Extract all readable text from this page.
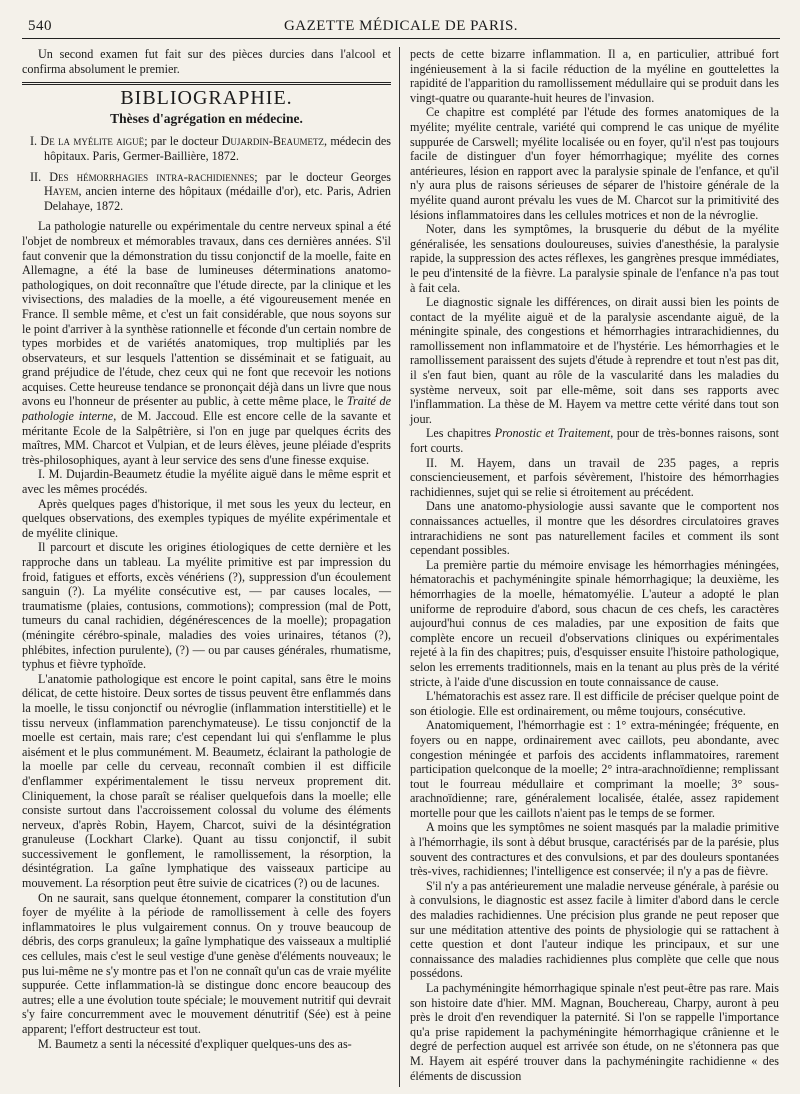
540	GAZETTE MÉDICALE DE PARIS.

Un second examen fut fait sur des pièces durcies dans l'alcool et confirma absolument le premier.

BIBLIOGRAPHIE.
Thèses d'agrégation en médecine.

I. De la myélite aiguë; par le docteur Dujardin-Beaumetz, médecin des hôpitaux. Paris, Germer-Baillière, 1872.

II. Des hémorrhagies intra-rachidiennes; par le docteur Georges Hayem, ancien interne des hôpitaux (médaille d'or), etc. Paris, Adrien Delahaye, 1872.

La pathologie naturelle ou expérimentale du centre nerveux spinal a été l'objet de nombreux et mémorables travaux, dans ces dernières années. S'il faut convenir que la démonstration du tissu conjonctif de la moelle, faite en Allemagne, a été la base de lumineuses déterminations anatomo-pathologiques, on doit reconnaître que l'étude directe, par la clinique et les vivisections, des maladies de la moelle, a été vigoureusement menée en France. Il semble même, et c'est un fait considérable, que nous soyons sur le point d'arriver à la synthèse rationnelle et féconde d'un certain nombre de types morbides et de variétés anatomiques, trop multipliés par les observateurs, et sur lesquels l'attention se disséminait et se fatiguait, au grand préjudice de l'étude, chez ceux qui ne font que recevoir les notions acquises. Cette heureuse tendance se prononçait déjà dans un livre que nous avons eu l'honneur de présenter au public, à cette même place, le Traité de pathologie interne, de M. Jaccoud. Elle est encore celle de la savante et méritante Ecole de la Salpêtrière, si l'on en juge par quelques écrits des maîtres, MM. Charcot et Vulpian, et de leurs élèves, jeune pléiade d'esprits très-philosophiques, ayant à leur service des sens d'une finesse exquise.

I. M. Dujardin-Beaumetz étudie la myélite aiguë dans le même esprit et avec les mêmes procédés.

Après quelques pages d'historique, il met sous les yeux du lecteur, en quelques observations, des exemples typiques de myélite expérimentale et de myélite clinique.

Il parcourt et discute les origines étiologiques de cette dernière et les rapproche dans un tableau. La myélite primitive est par impression du froid, fatigues et efforts, excès vénériens (?), suppression d'un écoulement sanguin (?). La myélite consécutive est, — par causes locales, — traumatisme (plaies, contusions, commotions); compression (mal de Pott, tumeurs du canal rachidien, dégénérescences de la moelle); propagation (méningite cérébro-spinale, maladies des voies urinaires, tétanos (?), phlébites, infection purulente), (?) — ou par causes générales, rhumatisme, typhus et fièvre typhoïde.

L'anatomie pathologique est encore le point capital, sans être le moins délicat, de cette histoire. Deux sortes de tissus peuvent être enflammés dans la moelle, le tissu conjonctif ou névroglie (inflammation interstitielle) et le tissu nerveux (inflammation parenchymateuse). Le tissu conjonctif de la moelle est certain, mais rare; c'est cependant lui qui s'enflamme le plus aisément et le plus communément. M. Beaumetz, éclairant la pathologie de la moelle par celle du cerveau, reconnaît combien il est difficile d'enflammer expérimentalement le tissu nerveux proprement dit. Cliniquement, la chose paraît se réaliser quelquefois dans la moelle; elle consiste surtout dans l'accroissement colossal du volume des éléments nerveux, d'après Robin, Hayem, Charcot, suivi de la désintégration granuleuse (Lockhart Clarke). Quant au tissu conjonctif, il subit successivement le gonflement, le ramollissement, la résorption, la désintégration. La gaîne lymphatique des vaisseaux participe au mouvement. La résorption peut être suivie de cicatrices (?) ou de lacunes.

On ne saurait, sans quelque étonnement, comparer la constitution d'un foyer de myélite à la période de ramollissement à celle des foyers inflammatoires le plus vulgairement connus. On y trouve beaucoup de débris, des corps granuleux; la gaîne lymphatique des vaisseaux a multiplié ces cellules, mais c'est le seul vestige d'une genèse d'éléments nouveaux; le pus lui-même ne s'y montre pas et l'on ne connaît qu'un cas de vraie myélite suppurée. Cette inflammation-là se distingue donc encore beaucoup des autres; elle a une évolution toute spéciale; le mouvement nutritif qui devrait s'y faire concurremment avec le mouvement dénutritif (Sée) est à peine apparent; l'effort destructeur est tout.

M. Baumetz a senti la nécessité d'expliquer quelques-uns des as-

pects de cette bizarre inflammation. Il a, en particulier, attribué fort ingénieusement à la si facile réduction de la myéline en gouttelettes la rapidité de l'apparition du ramollissement médullaire qui se produit dans les vingt-quatre ou quarante-huit heures de l'invasion.

Ce chapitre est complété par l'étude des formes anatomiques de la myélite; myélite centrale, variété qui comprend le cas unique de myélite suppurée de Carswell; myélite localisée ou en foyer, qu'il n'est pas toujours facile de distinguer d'un foyer hémorrhagique; myélite des cornes antérieures, lésion en rapport avec la paralysie spinale de l'enfance, et qu'il n'y aura plus de raisons sérieuses de séparer de l'histoire générale de la myélite quand auront prévalu les vues de M. Charcot sur la primitivité des lésions inflammatoires dans les cellules motrices et non de la névroglie.

Noter, dans les symptômes, la brusquerie du début de la myélite généralisée, les sensations douloureuses, suivies d'anesthésie, la paralysie rapide, la suppression des actes réflexes, les gangrènes presque immédiates, le peu d'intensité de la fièvre. La paralysie spinale de l'enfance n'a pas tout à fait cela.

Le diagnostic signale les différences, on dirait aussi bien les points de contact de la myélite aiguë et de la paralysie ascendante aiguë, de la méningite spinale, des congestions et hémorrhagies intrarachidiennes, du ramollissement non inflammatoire et de l'hystérie. Les hémorrhagies et le ramollissement paraissent des sujets d'étude à reprendre et tout n'est pas dit, il s'en faut bien, quant au rôle de la vascularité dans les maladies du système nerveux, soit par elle-même, soit dans ses rapports avec l'inflammation. La thèse de M. Hayem va mettre cette vérité dans tout son jour.

Les chapitres Pronostic et Traitement, pour de très-bonnes raisons, sont fort courts.

II. M. Hayem, dans un travail de 235 pages, a repris consciencieusement, et parfois sévèrement, l'histoire des hémorrhagies rachidiennes, sujet qui se relie si étroitement au précédent.

Dans une anatomo-physiologie aussi savante que le comportent nos connaissances actuelles, il montre que les désordres circulatoires graves intrarachidiens ne sont pas naturellement faciles et comment ils sont cependant possibles.

La première partie du mémoire envisage les hémorrhagies méningées, hématorachis et pachyméningite spinale hémorrhagique; la deuxième, les hémorrhagies de la moelle, hématomyélie. L'auteur a adopté le plan uniforme de reproduire d'abord, sous chacun de ces chefs, les caractères aujourd'hui connus de ces maladies, par une exposition de faits que complète encore un recueil d'observations cliniques ou expérimentales rejeté à la fin des chapitres; puis, d'esquisser ensuite l'histoire pathologique, selon les errements traditionnels, mais en la tenant au plus près de la vérité stricte, à l'aide d'une discussion en toute connaissance de cause.

L'hématorachis est assez rare. Il est difficile de préciser quelque point de son étiologie. Elle est ordinairement, ou même toujours, consécutive.

Anatomiquement, l'hémorrhagie est : 1° extra-méningée; fréquente, en foyers ou en nappe, ordinairement avec caillots, peu abondante, avec congestion méningée et parfois des accidents inflammatoires, rarement participation quelconque de la moelle; 2° intra-arachnoïdienne; remplissant tout le fourreau médullaire et comprimant la moelle; 3° sous-arachnoïdienne; rare, généralement localisée, étalée, assez rapidement mortelle pour que les caillots n'aient pas le temps de se former.

A moins que les symptômes ne soient masqués par la maladie primitive à l'hémorrhagie, ils sont à début brusque, caractérisés par de la parésie, plus souvent des contractures et des convulsions, et par des douleurs spontanées très-vives, rachidiennes; l'intelligence est conservée; il n'y a pas de fièvre.

S'il n'y a pas antérieurement une maladie nerveuse générale, à parésie ou à convulsions, le diagnostic est assez facile à limiter d'abord dans le cercle des maladies rachidiennes. Une précision plus grande ne peut reposer que sur une méditation attentive des points de physiologie qui se rattachent à cette question et dont l'auteur indique les principaux, et sur une connaissance des maladies rachidiennes plus complète que celle que nous possédons.

La pachyméningite hémorrhagique spinale n'est peut-être pas rare. Mais son histoire date d'hier. MM. Magnan, Bouchereau, Charpy, auront à peu près le droit d'en revendiquer la paternité. Si l'on se rappelle l'importance qu'a prise rapidement la pachyméningite hémorrhagique crânienne et le degré de perfection auquel est arrivée son étude, on ne s'étonnera pas que M. Hayem ait espéré trouver dans la pachyméningite rachidienne « des éléments de discussion
